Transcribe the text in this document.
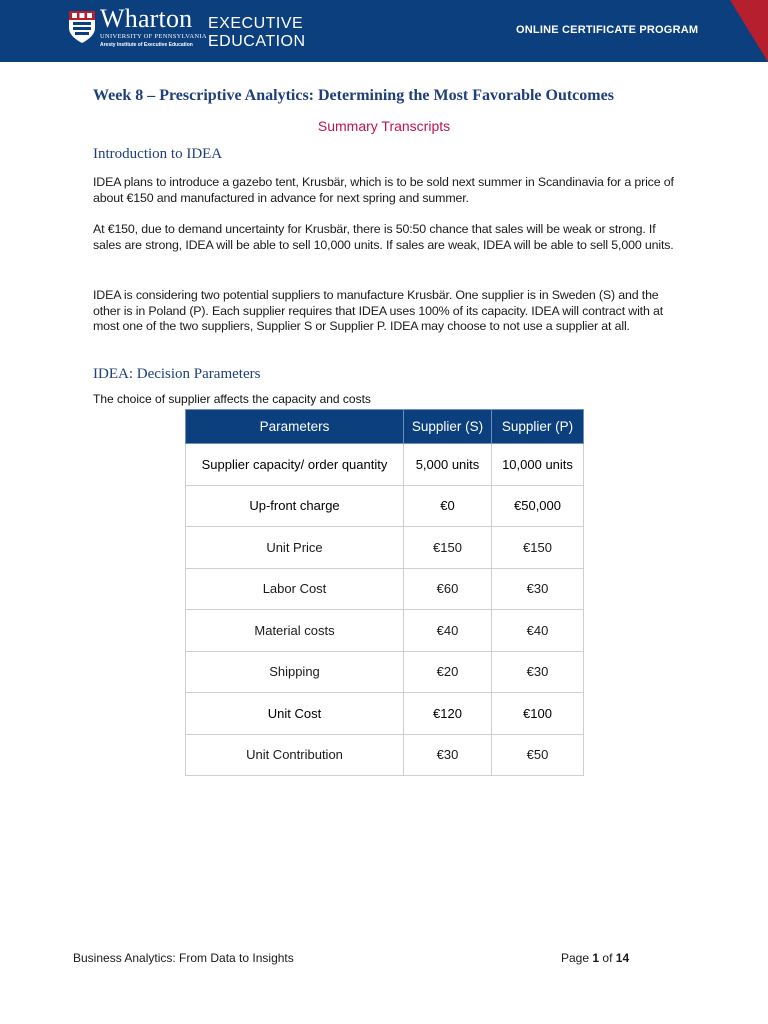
Wharton
UNIVERSITY OF PENNSYLVANIA
Aresty Institute of Executive Education
EXECUTIVE
EDUCATION
ONLINE CERTIFICATE PROGRAM
Week 8 – Prescriptive Analytics: Determining the Most Favorable Outcomes
Summary Transcripts
Introduction to IDEA

IDEA plans to introduce a gazebo tent, Krusbär, which is to be sold next summer in Scandinavia for a price of about €150 and manufactured in advance for next spring and summer.

At €150, due to demand uncertainty for Krusbär, there is 50:50 chance that sales will be weak or strong. If sales are strong, IDEA will be able to sell 10,000 units. If sales are weak, IDEA will be able to sell 5,000 units.

IDEA is considering two potential suppliers to manufacture Krusbär. One supplier is in Sweden (S) and the other is in Poland (P). Each supplier requires that IDEA uses 100% of its capacity. IDEA will contract with at most one of the two suppliers, Supplier S or Supplier P. IDEA may choose to not use a supplier at all.

IDEA: Decision Parameters
The choice of supplier affects the capacity and costs
Parameters	Supplier (S)	Supplier (P)
Supplier capacity/ order quantity	5,000 units	10,000 units
Up-front charge	€0	€50,000
Unit Price	€150	€150
Labor Cost	€60	€30
Material costs	€40	€40
Shipping	€20	€30
Unit Cost	€120	€100
Unit Contribution	€30	€50
Business Analytics: From Data to Insights	Page 1 of 14
